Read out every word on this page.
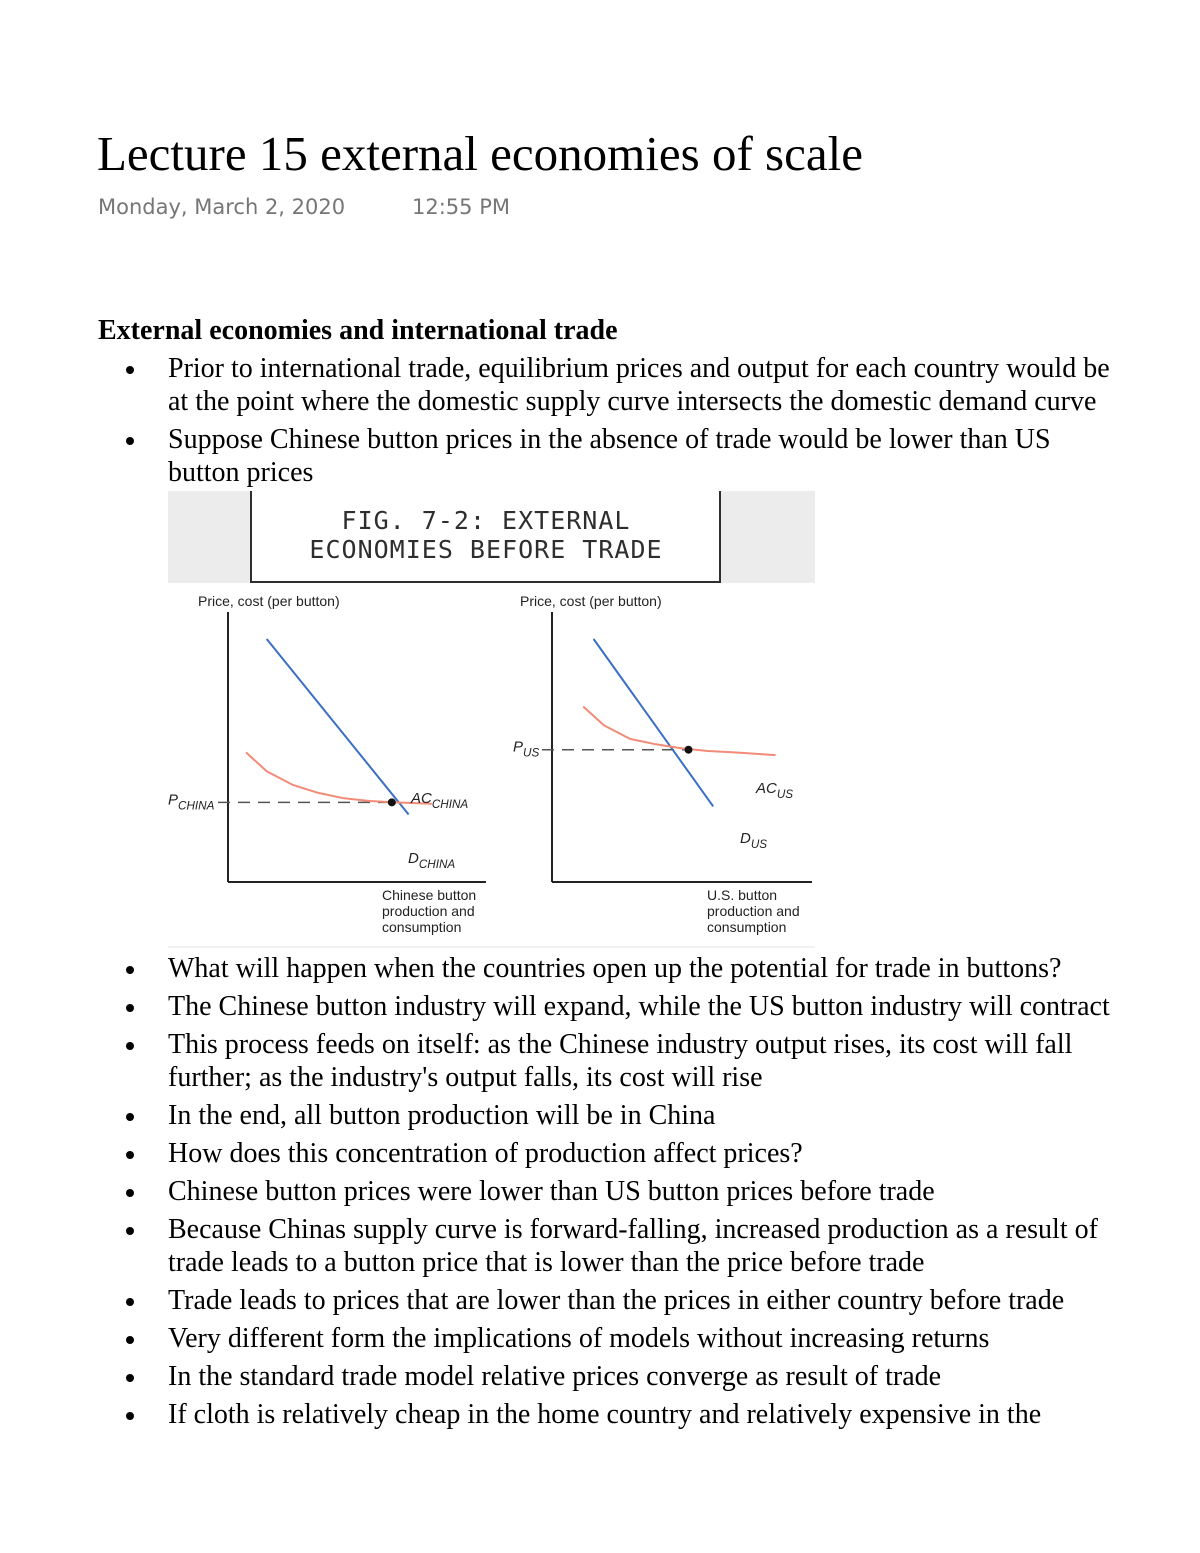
Lecture 15 external economies of scale
Monday, March 2, 2020	12:55 PM
External economies and international trade
Prior to international trade, equilibrium prices and output for each country would be
at the point where the domestic supply curve intersects the domestic demand curve
Suppose Chinese button prices in the absence of trade would be lower than US
button prices
FIG. 7-2: EXTERNAL
ECONOMIES BEFORE TRADE
Price, cost (per button)
Chinese button
production and
consumption
$P_{CHINA}$
$D_{CHINA}$
$AC_{CHINA}$
Price, cost (per button)
U.S. button
production and
consumption
$P_{US}$
$D_{US}$
$AC_{US}$
What will happen when the countries open up the potential for trade in buttons?
The Chinese button industry will expand, while the US button industry will contract
This process feeds on itself: as the Chinese industry output rises, its cost will fall
further; as the industry's output falls, its cost will rise
In the end, all button production will be in China
How does this concentration of production affect prices?
Chinese button prices were lower than US button prices before trade
Because Chinas supply curve is forward-falling, increased production as a result of
trade leads to a button price that is lower than the price before trade
Trade leads to prices that are lower than the prices in either country before trade
Very different form the implications of models without increasing returns
In the standard trade model relative prices converge as result of trade
If cloth is relatively cheap in the home country and relatively expensive in the
